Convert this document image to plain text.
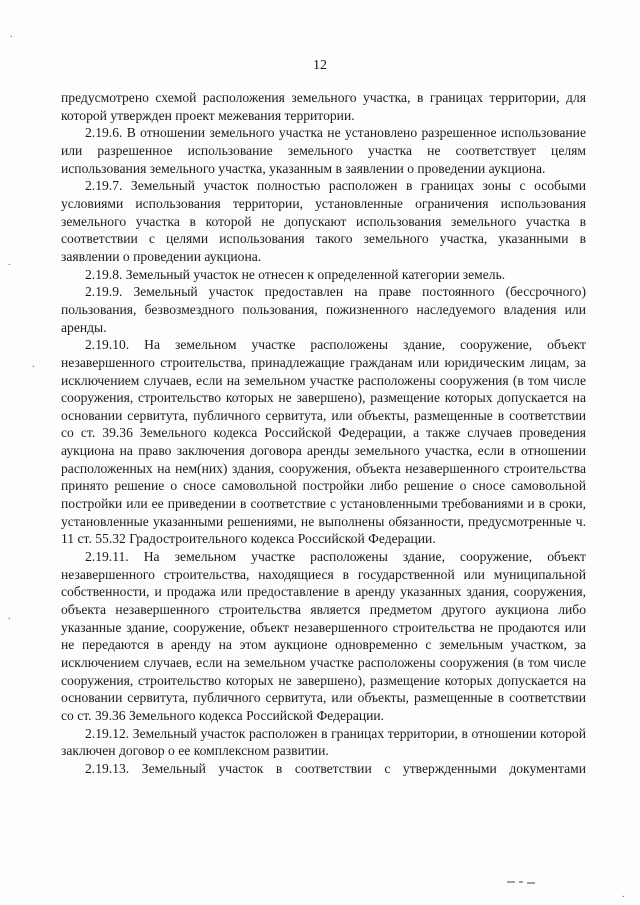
12

предусмотрено схемой расположения земельного участка, в границах территории, для которой утвержден проект межевания территории.

2.19.6. В отношении земельного участка не установлено разрешенное использование или разрешенное использование земельного участка не соответствует целям использования земельного участка, указанным в заявлении о проведении аукциона.

2.19.7. Земельный участок полностью расположен в границах зоны с особыми условиями использования территории, установленные ограничения использования земельного участка в которой не допускают использования земельного участка в соответствии с целями использования такого земельного участка, указанными в заявлении о проведении аукциона.

2.19.8. Земельный участок не отнесен к определенной категории земель.

2.19.9. Земельный участок предоставлен на праве постоянного (бессрочного) пользования, безвозмездного пользования, пожизненного наследуемого владения или аренды.

2.19.10. На земельном участке расположены здание, сооружение, объект незавершенного строительства, принадлежащие гражданам или юридическим лицам, за исключением случаев, если на земельном участке расположены сооружения (в том числе сооружения, строительство которых не завершено), размещение которых допускается на основании сервитута, публичного сервитута, или объекты, размещенные в соответствии со ст. 39.36 Земельного кодекса Российской Федерации, а также случаев проведения аукциона на право заключения договора аренды земельного участка, если в отношении расположенных на нем(них) здания, сооружения, объекта незавершенного строительства принято решение о сносе самовольной постройки либо решение о сносе самовольной постройки или ее приведении в соответствие с установленными требованиями и в сроки, установленные указанными решениями, не выполнены обязанности, предусмотренные ч. 11 ст. 55.32 Градостроительного кодекса Российской Федерации.

2.19.11. На земельном участке расположены здание, сооружение, объект незавершенного строительства, находящиеся в государственной или муниципальной собственности, и продажа или предоставление в аренду указанных здания, сооружения, объекта незавершенного строительства является предметом другого аукциона либо указанные здание, сооружение, объект незавершенного строительства не продаются или не передаются в аренду на этом аукционе одновременно с земельным участком, за исключением случаев, если на земельном участке расположены сооружения (в том числе сооружения, строительство которых не завершено), размещение которых допускается на основании сервитута, публичного сервитута, или объекты, размещенные в соответствии со ст. 39.36 Земельного кодекса Российской Федерации.

2.19.12. Земельный участок расположен в границах территории, в отношении которой заключен договор о ее комплексном развитии.

2.19.13. Земельный участок в соответствии с утвержденными документами

.
.
.
.
.
